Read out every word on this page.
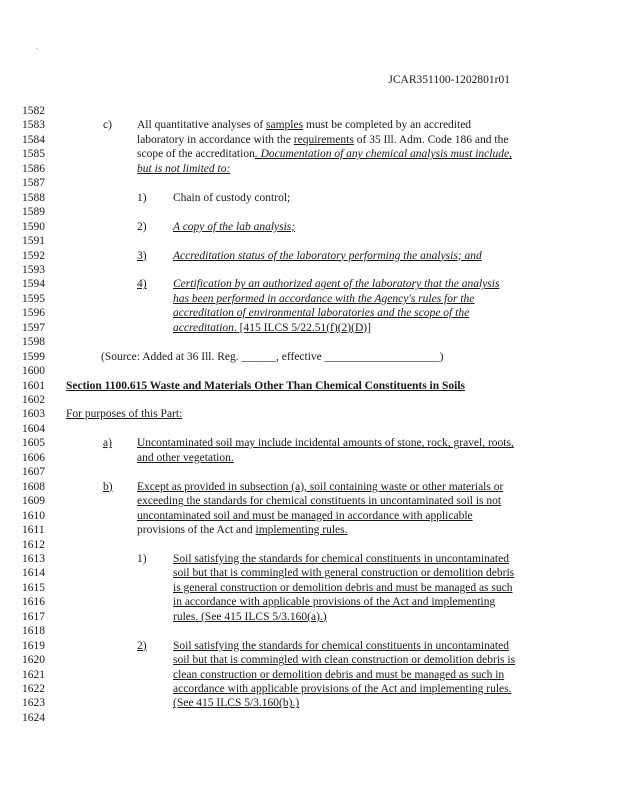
.
JCAR351100-1202801r01
1582
1583	c) All quantitative analyses of samples must be completed by an accredited
1584	laboratory in accordance with the requirements of 35 Ill. Adm. Code 186 and the
1585	scope of the accreditation. Documentation of any chemical analysis must include,
1586	but is not limited to:
1587
1588	1) Chain of custody control;
1589
1590	2) A copy of the lab analysis;
1591
1592	3) Accreditation status of the laboratory performing the analysis; and
1593
1594	4) Certification by an authorized agent of the laboratory that the analysis
1595	has been performed in accordance with the Agency's rules for the
1596	accreditation of environmental laboratories and the scope of the
1597	accreditation. [415 ILCS 5/22.51(f)(2)(D)]
1598
1599	(Source: Added at 36 Ill. Reg. ______, effective ____________________)
1600
1601	Section 1100.615 Waste and Materials Other Than Chemical Constituents in Soils
1602
1603	For purposes of this Part:
1604
1605	a) Uncontaminated soil may include incidental amounts of stone, rock, gravel, roots,
1606	and other vegetation.
1607
1608	b) Except as provided in subsection (a), soil containing waste or other materials or
1609	exceeding the standards for chemical constituents in uncontaminated soil is not
1610	uncontaminated soil and must be managed in accordance with applicable
1611	provisions of the Act and implementing rules.
1612
1613	1) Soil satisfying the standards for chemical constituents in uncontaminated
1614	soil but that is commingled with general construction or demolition debris
1615	is general construction or demolition debris and must be managed as such
1616	in accordance with applicable provisions of the Act and implementing
1617	rules. (See 415 ILCS 5/3.160(a).)
1618
1619	2) Soil satisfying the standards for chemical constituents in uncontaminated
1620	soil but that is commingled with clean construction or demolition debris is
1621	clean construction or demolition debris and must be managed as such in
1622	accordance with applicable provisions of the Act and implementing rules.
1623	(See 415 ILCS 5/3.160(b).)
1624
